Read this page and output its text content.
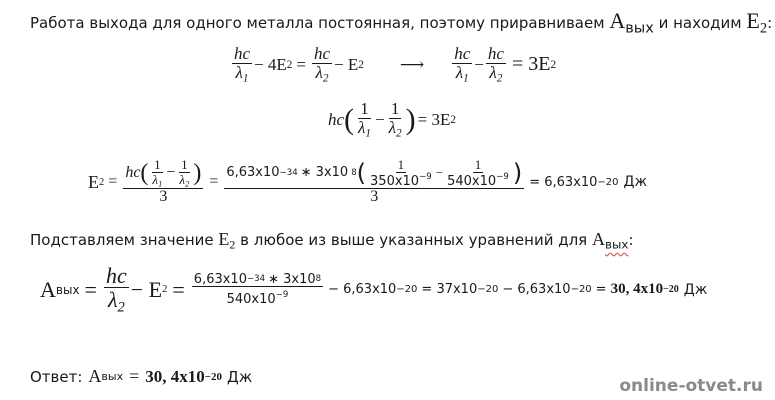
Работа выхода для одного металла постоянная, поэтому приравниваем $A_{вых}$ и находим $E_2$:
$\frac{hc}{\lambda_1} - 4E$ $2 = \frac{hc}{\lambda_2} - E$ 2 ⟶ $\frac{hc}{\lambda_1} - \frac{hc}{\lambda_2} = 3E$ 2
hc ( $\frac{1}{\lambda_1} - \frac{1}{\lambda_2}$ ) = 3E 2
E $2 = \frac{hc ( \frac{1}{\lambda_1} - \frac{1}{\lambda_2} )}{3} = \frac{6,63x10 -34 ∗ 3x10 8 ( \frac{1}{350x10^{-9}} - \frac{1}{540x10^{-9}} )}{3} = 6,63x10 -20$ Дж
Подставляем значение $E_2$ в любое из выше указанных уравнений для $A_{вых}$:
A вых = $\frac{hc}{\lambda_2} - E$ $2 = \frac{6,63x10 -34 ∗ 3x10 8}{540x10^{-9}} - 6,63x10 -20 = 37x10 -20 - 6,63x10 -20 = 30$, 4x10 −20 Дж
Ответ: A вых = 30, 4x10 −20 Дж	online-otvet.ru
